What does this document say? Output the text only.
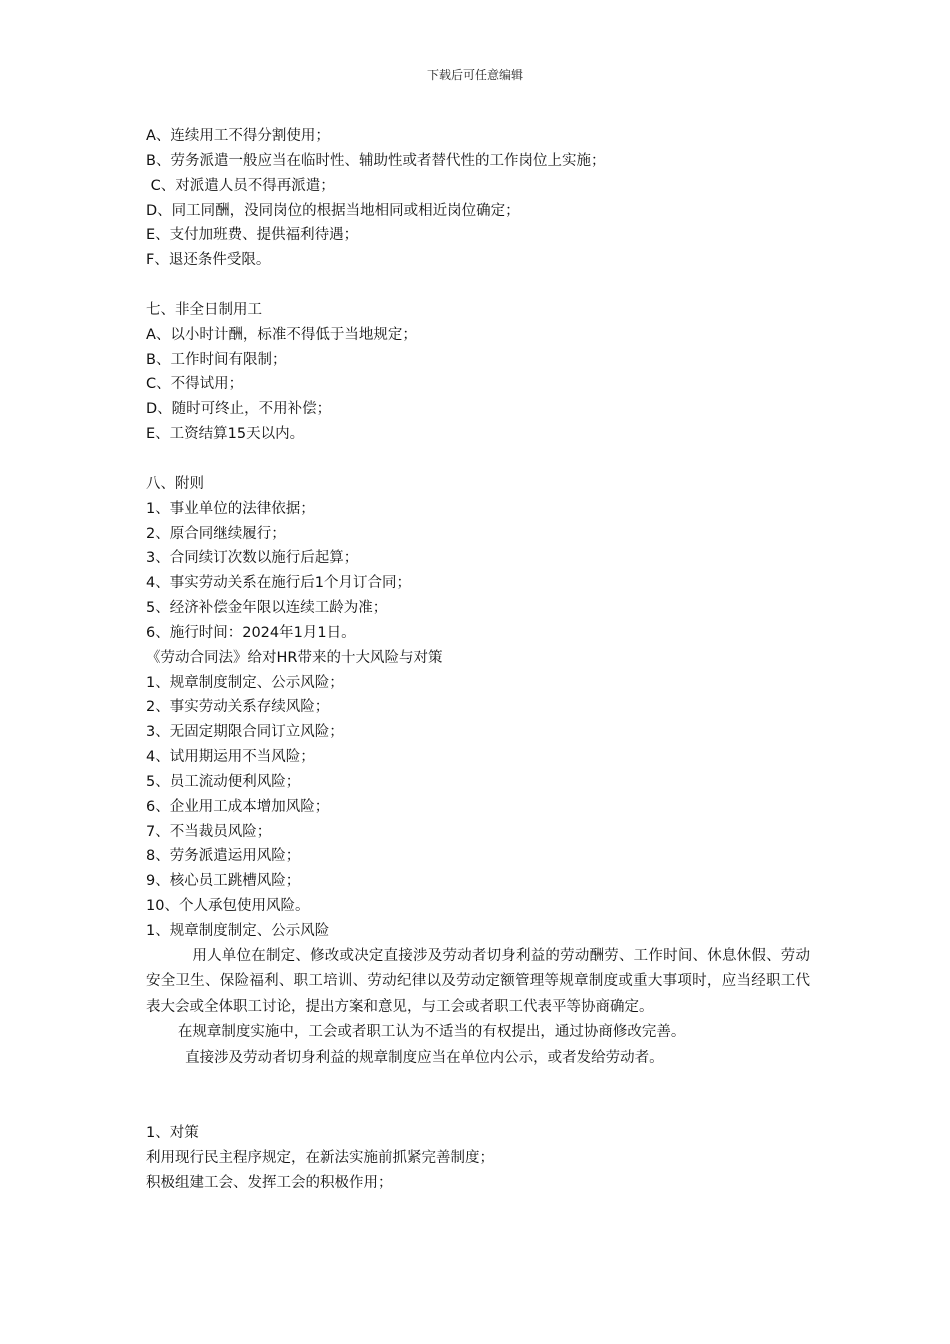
下载后可任意编辑
A、连续用工不得分割使用；
B、劳务派遣一般应当在临时性、辅助性或者替代性的工作岗位上实施；
C、对派遣人员不得再派遣；
D、同工同酬，没同岗位的根据当地相同或相近岗位确定；
E、支付加班费、提供福利待遇；
F、退还条件受限。
七、非全日制用工
A、以小时计酬，标准不得低于当地规定；
B、工作时间有限制；
C、不得试用；
D、随时可终止，不用补偿；
E、工资结算15天以内。
八、附则
1、事业单位的法律依据；
2、原合同继续履行；
3、合同续订次数以施行后起算；
4、事实劳动关系在施行后1个月订合同；
5、经济补偿金年限以连续工龄为准；
6、施行时间：2024年1月1日。
《劳动合同法》给对HR带来的十大风险与对策
1、规章制度制定、公示风险；
2、事实劳动关系存续风险；
3、无固定期限合同订立风险；
4、试用期运用不当风险；
5、员工流动便利风险；
6、企业用工成本增加风险；
7、不当裁员风险；
8、劳务派遣运用风险；
9、核心员工跳槽风险；
10、个人承包使用风险。
1、规章制度制定、公示风险

用人单位在制定、修改或决定直接涉及劳动者切身利益的劳动酬劳、工作时间、休息休假、劳动安全卫生、保险福利、职工培训、劳动纪律以及劳动定额管理等规章制度或重大事项时，应当经职工代表大会或全体职工讨论，提出方案和意见，与工会或者职工代表平等协商确定。

在规章制度实施中，工会或者职工认为不适当的有权提出，通过协商修改完善。

直接涉及劳动者切身利益的规章制度应当在单位内公示，或者发给劳动者。

1、对策
利用现行民主程序规定，在新法实施前抓紧完善制度；
积极组建工会、发挥工会的积极作用；
